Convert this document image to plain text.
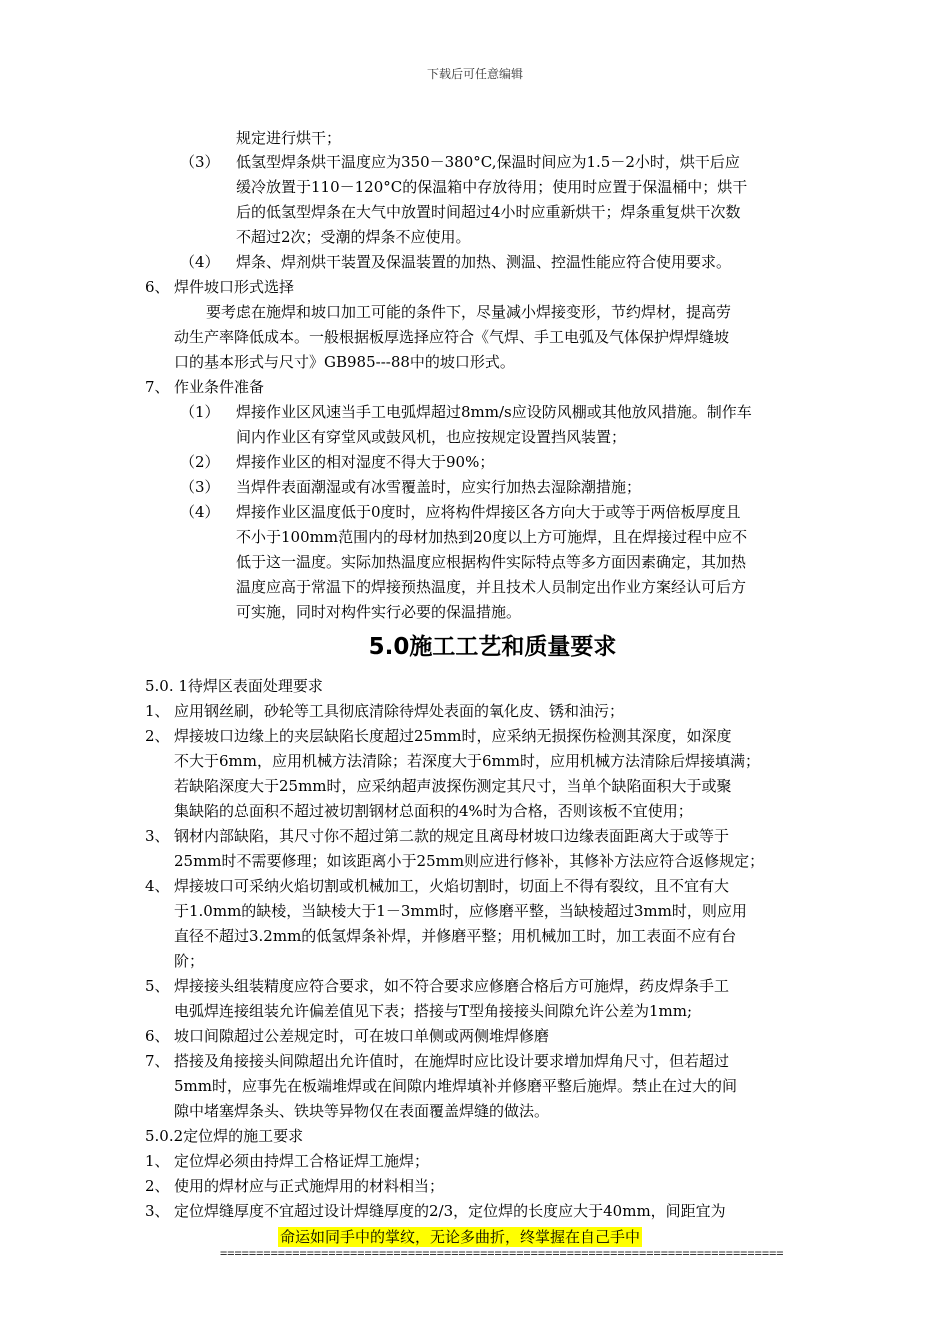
下载后可任意编辑
规定进行烘干；
（3） 低氢型焊条烘干温度应为350－380°C,保温时间应为1.5－2小时，烘干后应
缓冷放置于110－120°C的保温箱中存放待用；使用时应置于保温桶中；烘干
后的低氢型焊条在大气中放置时间超过4小时应重新烘干；焊条重复烘干次数
不超过2次；受潮的焊条不应使用。
（4） 焊条、焊剂烘干装置及保温装置的加热、测温、控温性能应符合使用要求。
6、 焊件坡口形式选择
要考虑在施焊和坡口加工可能的条件下，尽量减小焊接变形，节约焊材，提高劳
动生产率降低成本。一般根据板厚选择应符合《气焊、手工电弧及气体保护焊焊缝坡
口的基本形式与尺寸》GB985---88中的坡口形式。
7、 作业条件准备
（1） 焊接作业区风速当手工电弧焊超过8mm/s应设防风棚或其他放风措施。制作车
间内作业区有穿堂风或鼓风机，也应按规定设置挡风装置；
（2） 焊接作业区的相对湿度不得大于90%；
（3） 当焊件表面潮湿或有冰雪覆盖时，应实行加热去湿除潮措施；
（4） 焊接作业区温度低于0度时，应将构件焊接区各方向大于或等于两倍板厚度且
不小于100mm范围内的母材加热到20度以上方可施焊，且在焊接过程中应不
低于这一温度。实际加热温度应根据构件实际特点等多方面因素确定，其加热
温度应高于常温下的焊接预热温度，并且技术人员制定出作业方案经认可后方
可实施，同时对构件实行必要的保温措施。
5.0. 1待焊区表面处理要求
1、 应用钢丝刷，砂轮等工具彻底清除待焊处表面的氧化皮、锈和油污；
2、 焊接坡口边缘上的夹层缺陷长度超过25mm时，应采纳无损探伤检测其深度，如深度
不大于6mm，应用机械方法清除；若深度大于6mm时，应用机械方法清除后焊接填满；
若缺陷深度大于25mm时，应采纳超声波探伤测定其尺寸，当单个缺陷面积大于或聚
集缺陷的总面积不超过被切割钢材总面积的4%时为合格，否则该板不宜使用；
3、 钢材内部缺陷，其尺寸你不超过第二款的规定且离母材坡口边缘表面距离大于或等于
25mm时不需要修理；如该距离小于25mm则应进行修补，其修补方法应符合返修规定；
4、 焊接坡口可采纳火焰切割或机械加工，火焰切割时，切面上不得有裂纹，且不宜有大
于1.0mm的缺棱，当缺棱大于1－3mm时，应修磨平整，当缺棱超过3mm时，则应用
直径不超过3.2mm的低氢焊条补焊，并修磨平整；用机械加工时，加工表面不应有台
阶；
5、 焊接接头组装精度应符合要求，如不符合要求应修磨合格后方可施焊，药皮焊条手工
电弧焊连接组装允许偏差值见下表；搭接与T型角接接头间隙允许公差为1mm;
6、 坡口间隙超过公差规定时，可在坡口单侧或两侧堆焊修磨
7、 搭接及角接接头间隙超出允许值时，在施焊时应比设计要求增加焊角尺寸，但若超过
5mm时，应事先在板端堆焊或在间隙内堆焊填补并修磨平整后施焊。禁止在过大的间
隙中堵塞焊条头、铁块等异物仅在表面覆盖焊缝的做法。
5.0.2定位焊的施工要求
1、 定位焊必须由持焊工合格证焊工施焊；
2、 使用的焊材应与正式施焊用的材料相当；
3、 定位焊缝厚度不宜超过设计焊缝厚度的2/3，定位焊的长度应大于40mm，间距宜为
5.0施工工艺和质量要求
命运如同手中的掌纹，无论多曲折，终掌握在自己手中
==============================================================================
